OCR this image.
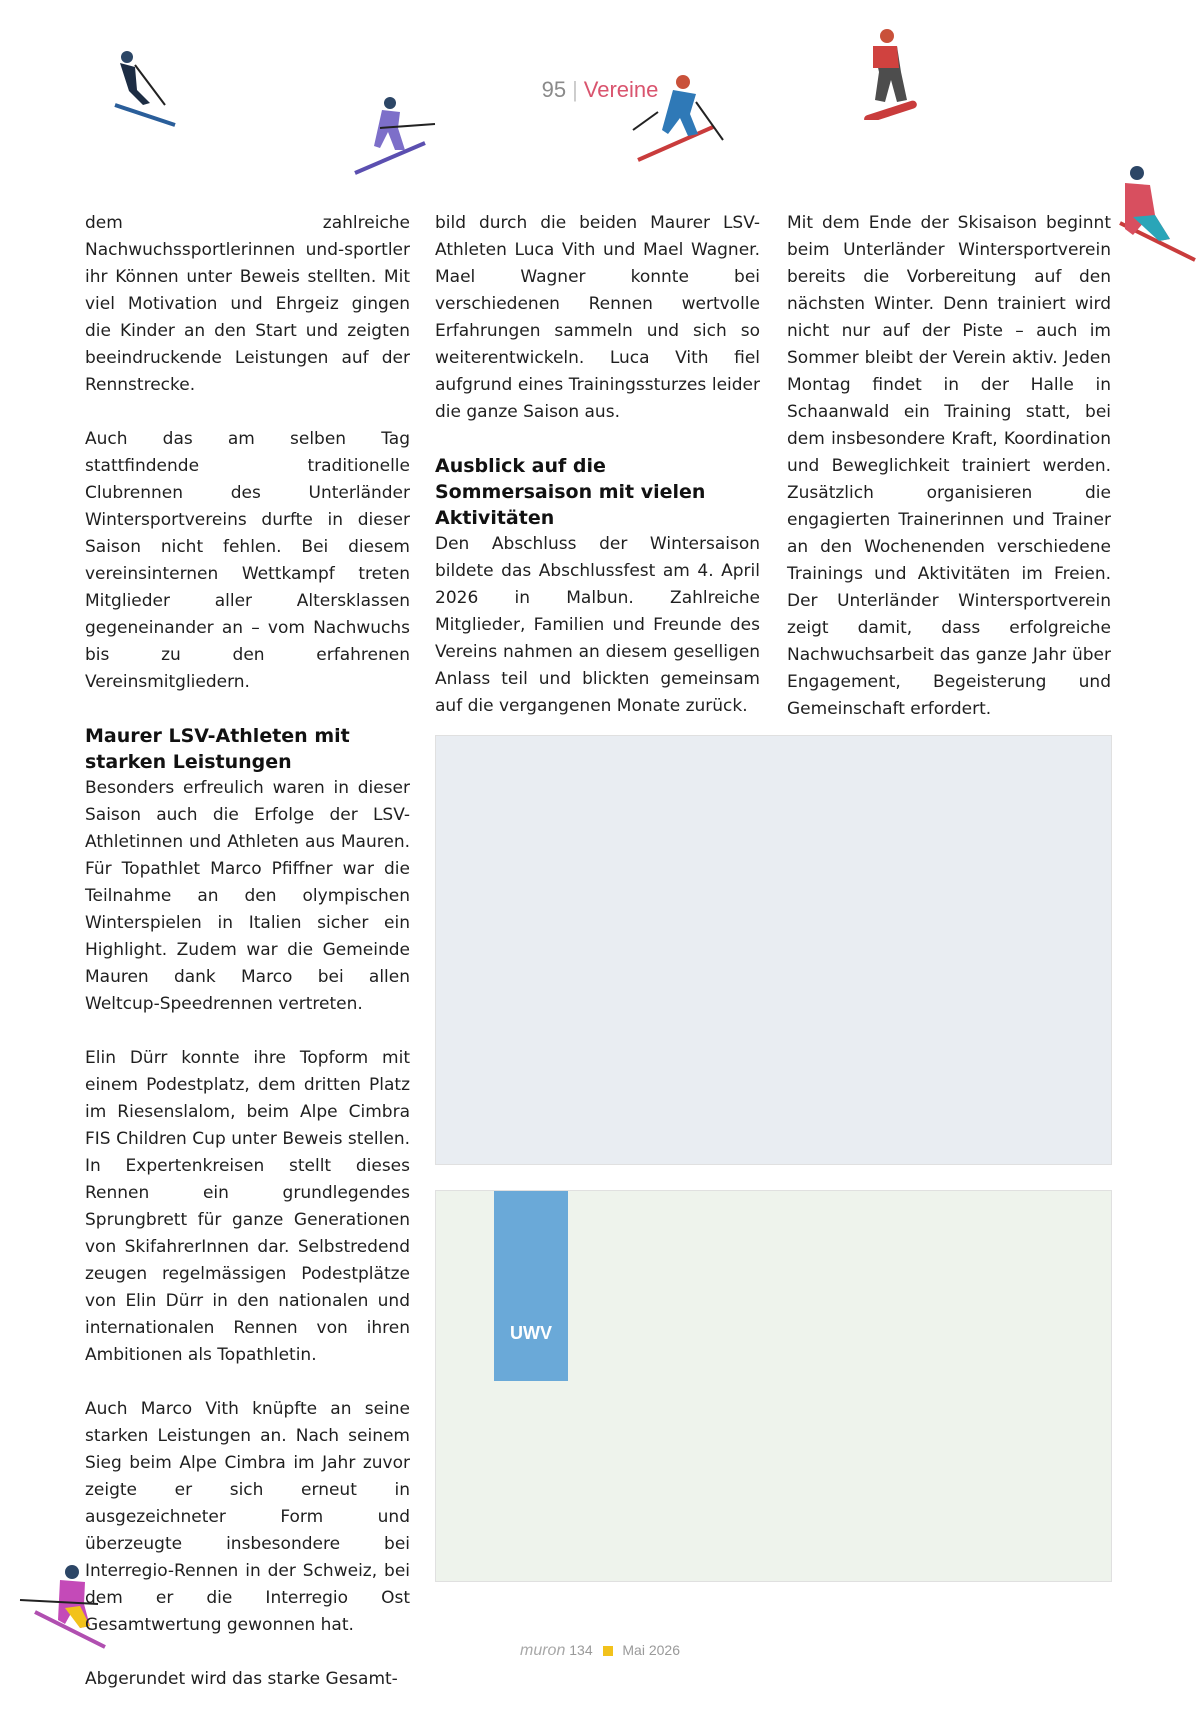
95 | Vereine

dem zahlreiche Nachwuchssportlerinnen und-sportler ihr Können unter Beweis stellten. Mit viel Motivation und Ehrgeiz gingen die Kinder an den Start und zeigten beeindruckende Leistungen auf der Rennstrecke.

Auch das am selben Tag stattfindende traditionelle Clubrennen des Unterländer Wintersportvereins durfte in dieser Saison nicht fehlen. Bei diesem vereinsinternen Wettkampf treten Mitglieder aller Altersklassen gegeneinander an – vom Nachwuchs bis zu den erfahrenen Vereinsmitgliedern.

Maurer LSV-Athleten mit starken Leistungen

Besonders erfreulich waren in dieser Saison auch die Erfolge der LSV-Athletinnen und Athleten aus Mauren. Für Topathlet Marco Pfiffner war die Teilnahme an den olympischen Winterspielen in Italien sicher ein Highlight. Zudem war die Gemeinde Mauren dank Marco bei allen Weltcup-Speedrennen vertreten.

Elin Dürr konnte ihre Topform mit einem Podestplatz, dem dritten Platz im Riesenslalom, beim Alpe Cimbra FIS Children Cup unter Beweis stellen. In Expertenkreisen stellt dieses Rennen ein grundlegendes Sprungbrett für ganze Generationen von SkifahrerInnen dar. Selbstredend zeugen regelmässigen Podestplätze von Elin Dürr in den nationalen und internationalen Rennen von ihren Ambitionen als Topathletin.

Auch Marco Vith knüpfte an seine starken Leistungen an. Nach seinem Sieg beim Alpe Cimbra im Jahr zuvor zeigte er sich erneut in ausgezeichneter Form und überzeugte insbesondere bei Interregio-Rennen in der Schweiz, bei dem er die Interregio Ost Gesamtwertung gewonnen hat.

Abgerundet wird das starke Gesamt-

bild durch die beiden Maurer LSV-Athleten Luca Vith und Mael Wagner. Mael Wagner konnte bei verschiedenen Rennen wertvolle Erfahrungen sammeln und sich so weiterentwickeln. Luca Vith fiel aufgrund eines Trainingssturzes leider die ganze Saison aus.

Ausblick auf die Sommersaison mit vielen Aktivitäten

Den Abschluss der Wintersaison bildete das Abschlussfest am 4. April 2026 in Malbun. Zahlreiche Mitglieder, Familien und Freunde des Vereins nahmen an diesem geselligen Anlass teil und blickten gemeinsam auf die vergangenen Monate zurück.

Mit dem Ende der Skisaison beginnt beim Unterländer Wintersportverein bereits die Vorbereitung auf den nächsten Winter. Denn trainiert wird nicht nur auf der Piste – auch im Sommer bleibt der Verein aktiv. Jeden Montag findet in der Halle in Schaanwald ein Training statt, bei dem insbesondere Kraft, Koordination und Beweglichkeit trainiert werden. Zusätzlich organisieren die engagierten Trainerinnen und Trainer an den Wochenenden verschiedene Trainings und Aktivitäten im Freien. Der Unterländer Wintersportverein zeigt damit, dass erfolgreiche Nachwuchsarbeit das ganze Jahr über Engagement, Begeisterung und Gemeinschaft erfordert.

UWV
muron 134 Mai 2026
